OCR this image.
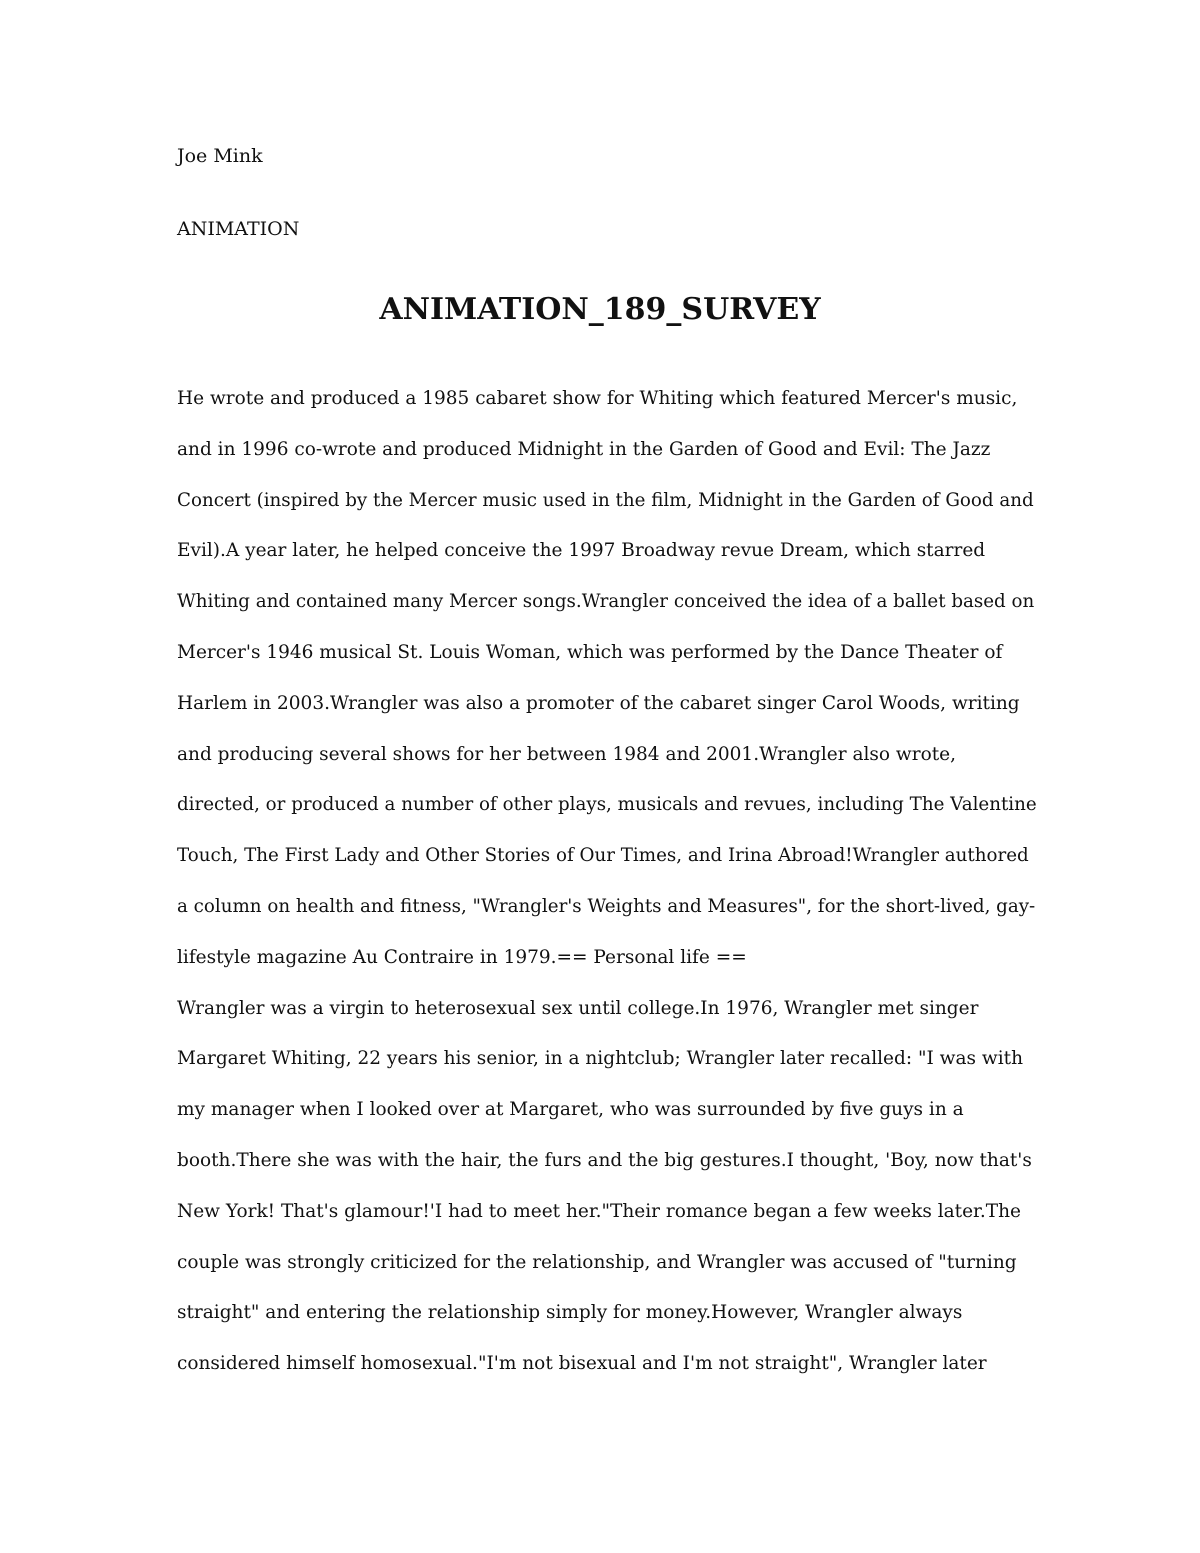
Joe Mink
ANIMATION
ANIMATION_189_SURVEY
He wrote and produced a 1985 cabaret show for Whiting which featured Mercer's music,
and in 1996 co-wrote and produced Midnight in the Garden of Good and Evil: The Jazz
Concert (inspired by the Mercer music used in the film, Midnight in the Garden of Good and
Evil).A year later, he helped conceive the 1997 Broadway revue Dream, which starred
Whiting and contained many Mercer songs.Wrangler conceived the idea of a ballet based on
Mercer's 1946 musical St. Louis Woman, which was performed by the Dance Theater of
Harlem in 2003.Wrangler was also a promoter of the cabaret singer Carol Woods, writing
and producing several shows for her between 1984 and 2001.Wrangler also wrote,
directed, or produced a number of other plays, musicals and revues, including The Valentine
Touch, The First Lady and Other Stories of Our Times, and Irina Abroad!Wrangler authored
a column on health and fitness, "Wrangler's Weights and Measures", for the short-lived, gay-
lifestyle magazine Au Contraire in 1979.== Personal life ==
Wrangler was a virgin to heterosexual sex until college.In 1976, Wrangler met singer
Margaret Whiting, 22 years his senior, in a nightclub; Wrangler later recalled: "I was with
my manager when I looked over at Margaret, who was surrounded by five guys in a
booth.There she was with the hair, the furs and the big gestures.I thought, 'Boy, now that's
New York! That's glamour!'I had to meet her."Their romance began a few weeks later.The
couple was strongly criticized for the relationship, and Wrangler was accused of "turning
straight" and entering the relationship simply for money.However, Wrangler always
considered himself homosexual."I'm not bisexual and I'm not straight", Wrangler later
